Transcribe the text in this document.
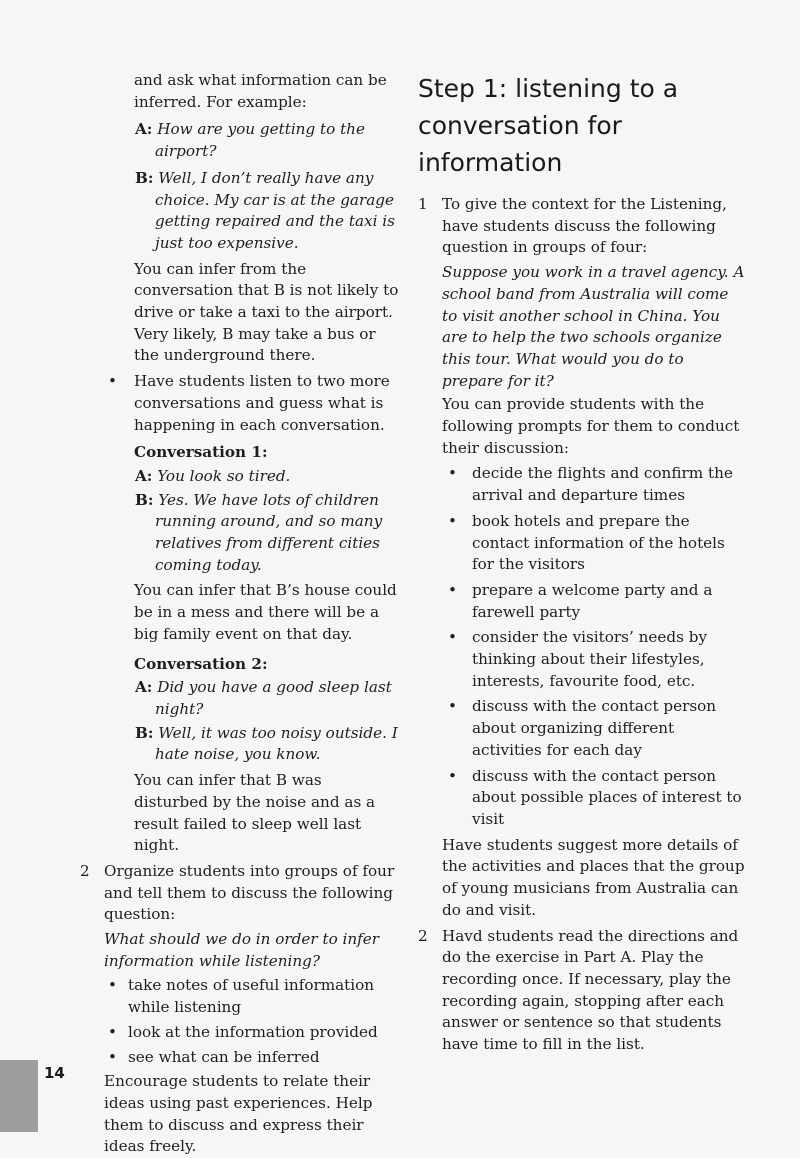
and ask what information can be inferred. For example:

A: How are you getting to the airport?

B: Well, I don’t really have any choice. My car is at the garage getting repaired and the taxi is just too expensive.

You can infer from the conversation that B is not likely to drive or take a taxi to the airport. Very likely, B may take a bus or the underground there.

• Have students listen to two more conversations and guess what is happening in each conversation.

Conversation 1:

A: You look so tired.

B: Yes. We have lots of children running around, and so many relatives from different cities coming today.

You can infer that B’s house could be in a mess and there will be a big family event on that day.

Conversation 2:

A: Did you have a good sleep last night?

B: Well, it was too noisy outside. I hate noise, you know.

You can infer that B was disturbed by the noise and as a result failed to sleep well last night.

2 Organize students into groups of four and tell them to discuss the following question:

What should we do in order to infer information while listening?

• take notes of useful information while listening
• look at the information provided
• see what can be inferred

Encourage students to relate their ideas using past experiences. Help them to discuss and express their ideas freely.

Step 1: listening to a conversation for information
1 To give the context for the Listening, have students discuss the following question in groups of four:

Suppose you work in a travel agency. A school band from Australia will come to visit another school in China. You are to help the two schools organize this tour. What would you do to prepare for it?

You can provide students with the following prompts for them to conduct their discussion:

• decide the flights and confirm the arrival and departure times
• book hotels and prepare the contact information of the hotels for the visitors
• prepare a welcome party and a farewell party
• consider the visitors’ needs by thinking about their lifestyles, interests, favourite food, etc.
• discuss with the contact person about organizing different activities for each day
• discuss with the contact person about possible places of interest to visit

Have students suggest more details of the activities and places that the group of young musicians from Australia can do and visit.

2 Havd students read the directions and do the exercise in Part A. Play the recording once. If necessary, play the recording again, stopping after each answer or sentence so that students have time to fill in the list.

14
